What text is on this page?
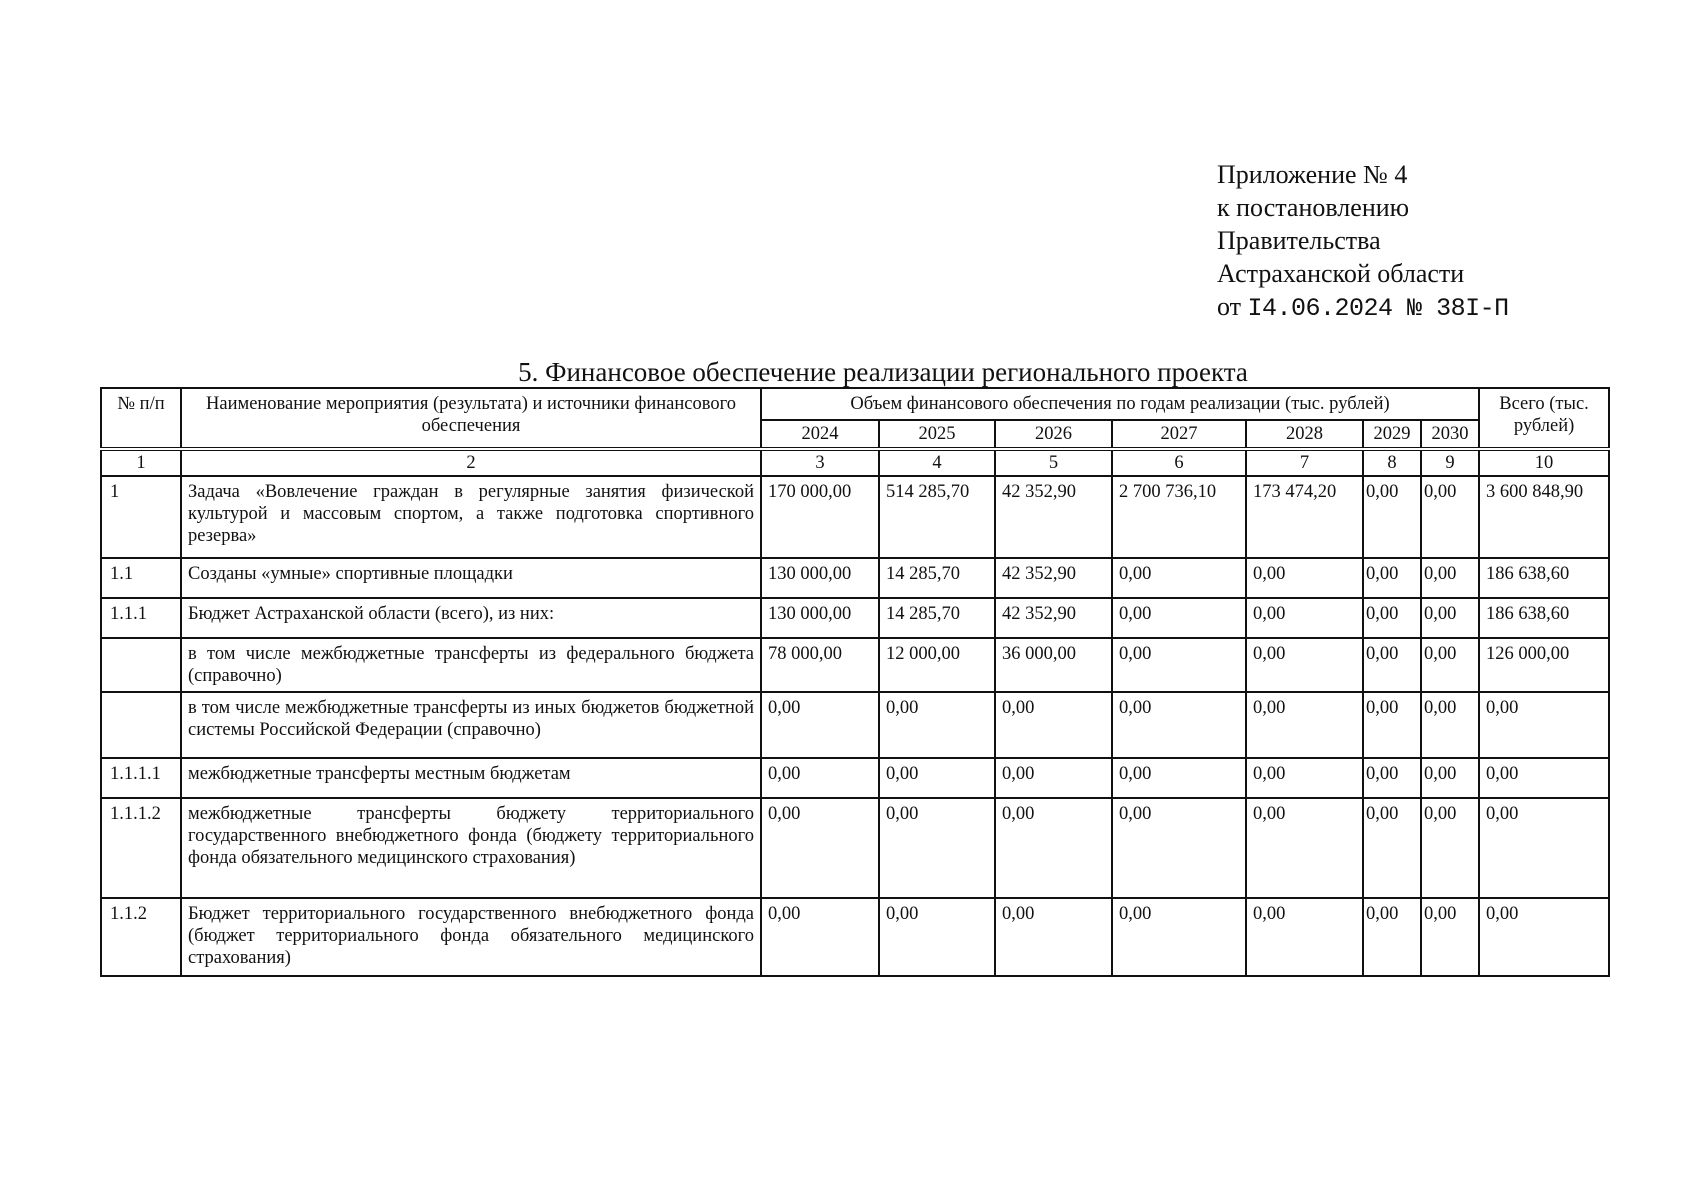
Приложение № 4
к постановлению
Правительства
Астраханской области
от I4.06.2024 № 38I-П
5. Финансовое обеспечение реализации регионального проекта
№ п/п	Наименование мероприятия (результата) и источники финансового обеспечения	Объем финансового обеспечения по годам реализации (тыс. рублей)							Всего (тыс. рублей)
		2024	2025	2026	2027	2028	2029	2030	
1	2	3	4	5	6	7	8	9	10
1	Задача «Вовлечение граждан в регулярные занятия физической культурой и массовым спортом, а также подготовка спортивного резерва»	170 000,00	514 285,70	42 352,90	2 700 736,10	173 474,20	0,00	0,00	3 600 848,90
1.1	Созданы «умные» спортивные площадки	130 000,00	14 285,70	42 352,90	0,00	0,00	0,00	0,00	186 638,60
1.1.1	Бюджет Астраханской области (всего), из них:	130 000,00	14 285,70	42 352,90	0,00	0,00	0,00	0,00	186 638,60
	в том числе межбюджетные трансферты из федерального бюджета (справочно)	78 000,00	12 000,00	36 000,00	0,00	0,00	0,00	0,00	126 000,00
	в том числе межбюджетные трансферты из иных бюджетов бюджетной системы Российской Федерации (справочно)	0,00	0,00	0,00	0,00	0,00	0,00	0,00	0,00
1.1.1.1	межбюджетные трансферты местным бюджетам	0,00	0,00	0,00	0,00	0,00	0,00	0,00	0,00
1.1.1.2	межбюджетные трансферты бюджету территориального государственного внебюджетного фонда (бюджету территориального фонда обязательного медицинского страхования)	0,00	0,00	0,00	0,00	0,00	0,00	0,00	0,00
1.1.2	Бюджет территориального государственного внебюджетного фонда (бюджет территориального фонда обязательного медицинского страхования)	0,00	0,00	0,00	0,00	0,00	0,00	0,00	0,00
